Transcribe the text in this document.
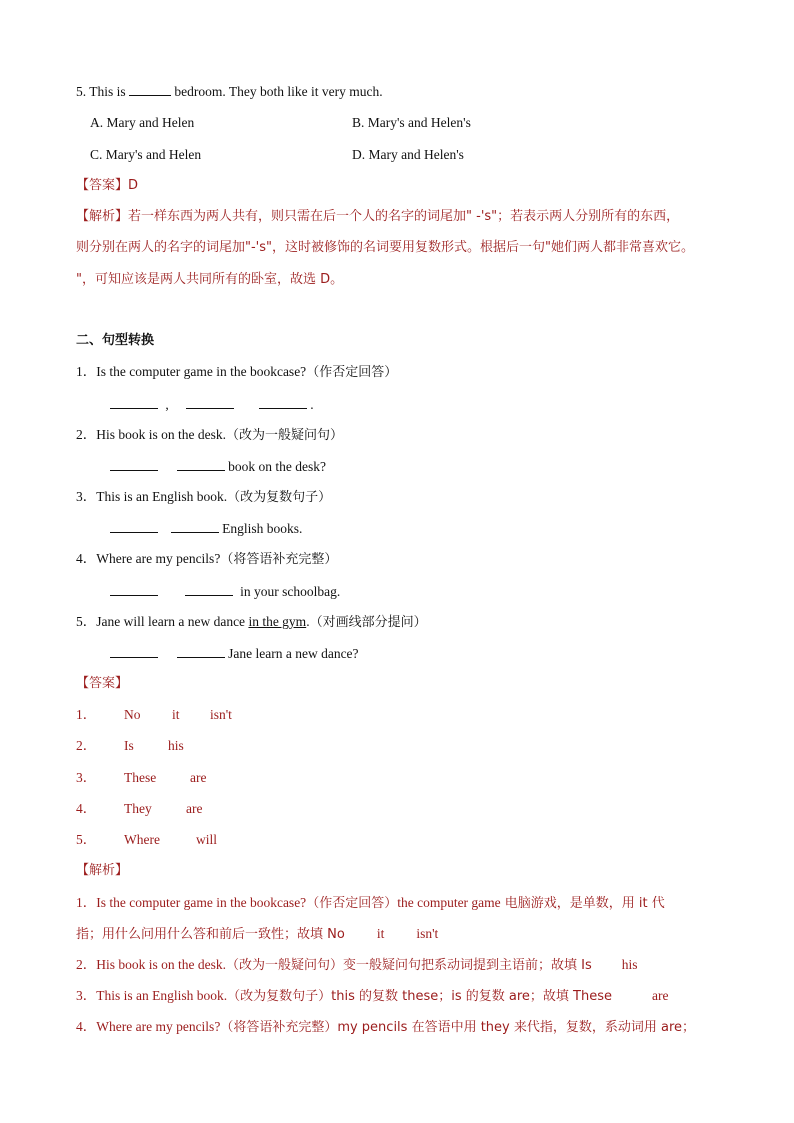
5. This is	bedroom. They both like it very much.
A. Mary and Helen	B. Mary's and Helen's
C. Mary's and Helen	D. Mary and Helen's
【答案】D
【解析】若一样东西为两人共有，则只需在后一个人的名字的词尾加" -'s"；若表示两人分别所有的东西，
则分别在两人的名字的词尾加"-'s"，这时被修饰的名词要用复数形式。根据后一句"她们两人都非常喜欢它。
"，可知应该是两人共同所有的卧室，故选 D。
二、句型转换
1．Is the computer game in the bookcase?（作否定回答）
,	.
2．His book is on the desk.（改为一般疑问句）
book on the desk?
3．This is an English book.（改为复数句子）
English books.
4．Where are my pencils?（将答语补充完整）
in your schoolbag.
5．Jane will learn a new dance in the gym.（对画线部分提问）
Jane learn a new dance?
【答案】
1． No it isn't
2． Is	his
3． These	are
4． They	are
5． Where	will
【解析】
1．Is the computer game in the bookcase?（作否定回答）the computer game 电脑游戏，是单数，用 it 代
指；用什么问用什么答和前后一致性；故填 No it isn't
2．His book is on the desk.（改为一般疑问句）变一般疑问句把系动词提到主语前；故填 Is his
3．This is an English book.（改为复数句子）this 的复数 these；is 的复数 are；故填 These	are
4．Where are my pencils?（将答语补充完整）my pencils 在答语中用 they 来代指，复数，系动词用 are；
